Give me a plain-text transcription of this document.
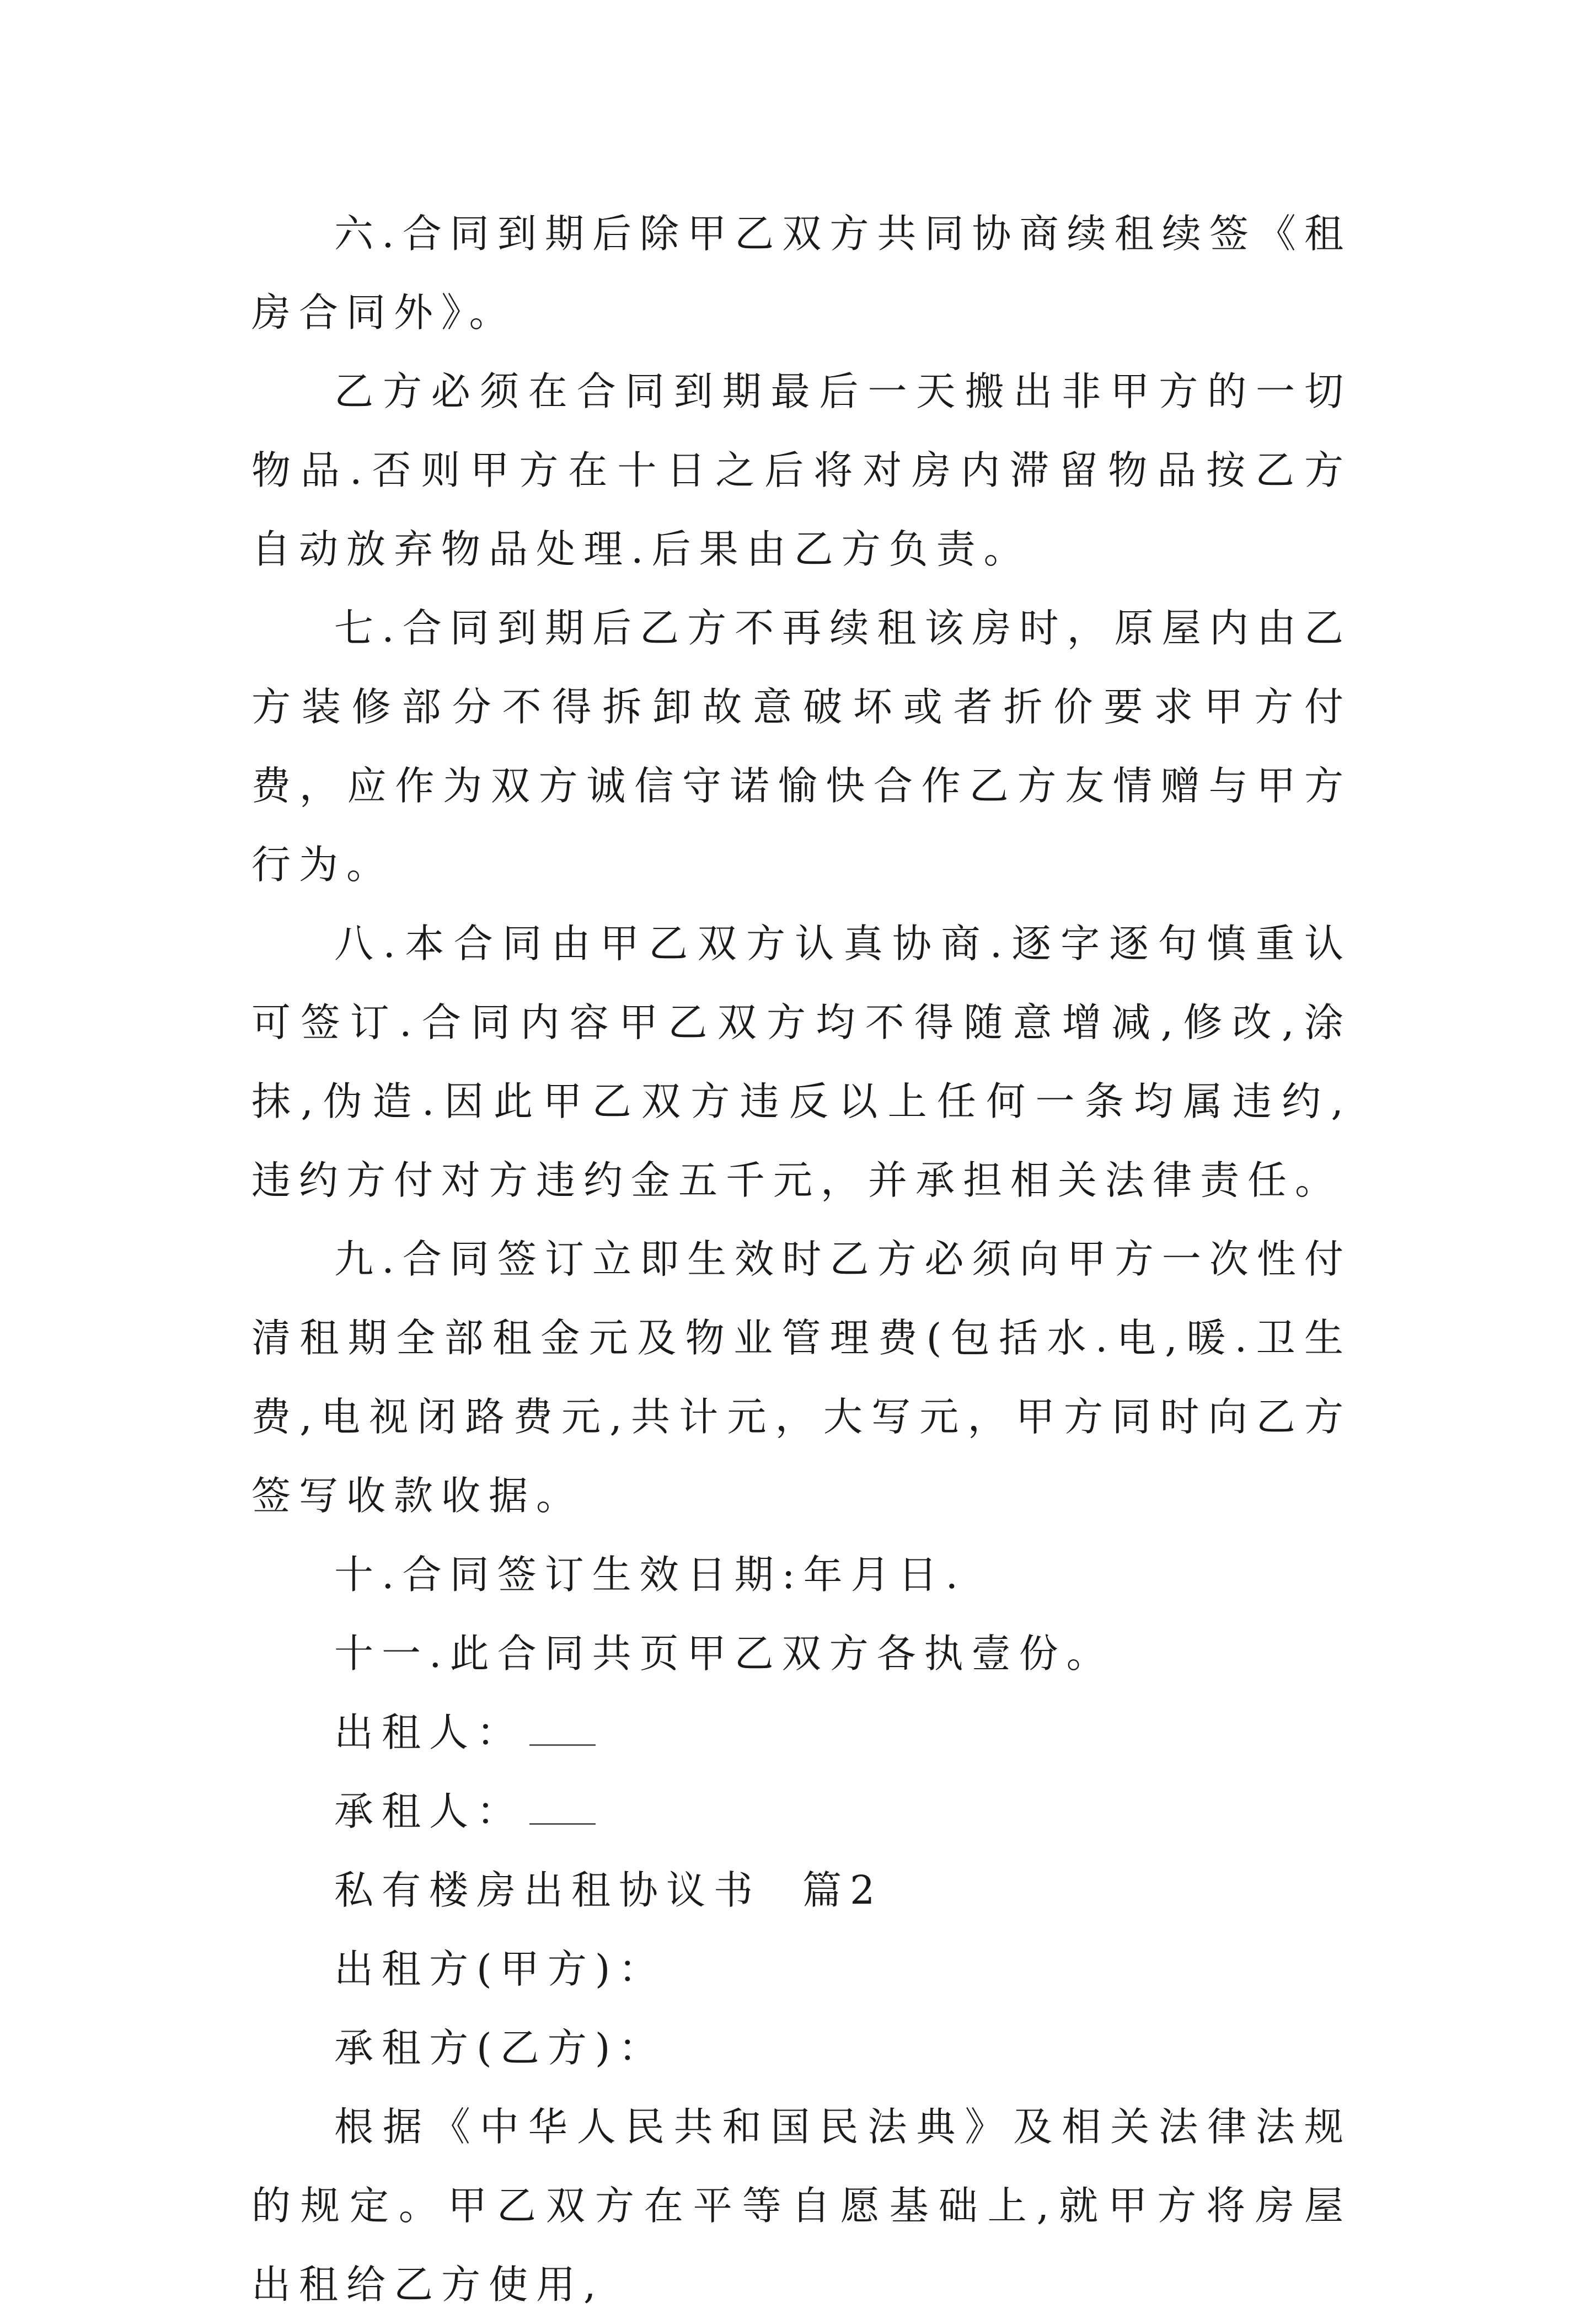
六.合同到期后除甲乙双方共同协商续租续签《租房合同外》。

乙方必须在合同到期最后一天搬出非甲方的一切物品.否则甲方在十日之后将对房内滞留物品按乙方自动放弃物品处理.后果由乙方负责。

七.合同到期后乙方不再续租该房时，原屋内由乙方装修部分不得拆卸故意破坏或者折价要求甲方付费，应作为双方诚信守诺愉快合作乙方友情赠与甲方行为。

八.本合同由甲乙双方认真协商.逐字逐句慎重认可签订.合同内容甲乙双方均不得随意增减,修改,涂抹,伪造.因此甲乙双方违反以上任何一条均属违约,违约方付对方违约金五千元，并承担相关法律责任。

九.合同签订立即生效时乙方必须向甲方一次性付清租期全部租金元及物业管理费(包括水.电,暖.卫生费,电视闭路费元,共计元，大写元，甲方同时向乙方签写收款收据。

十.合同签订生效日期:年月日.

十一.此合同共页甲乙双方各执壹份。

出租人：

承租人：

私有楼房出租协议书  篇2

出租方(甲方)：

承租方(乙方)：

根据《中华人民共和国民法典》及相关法律法规的规定。甲乙双方在平等自愿基础上,就甲方将房屋出租给乙方使用,
